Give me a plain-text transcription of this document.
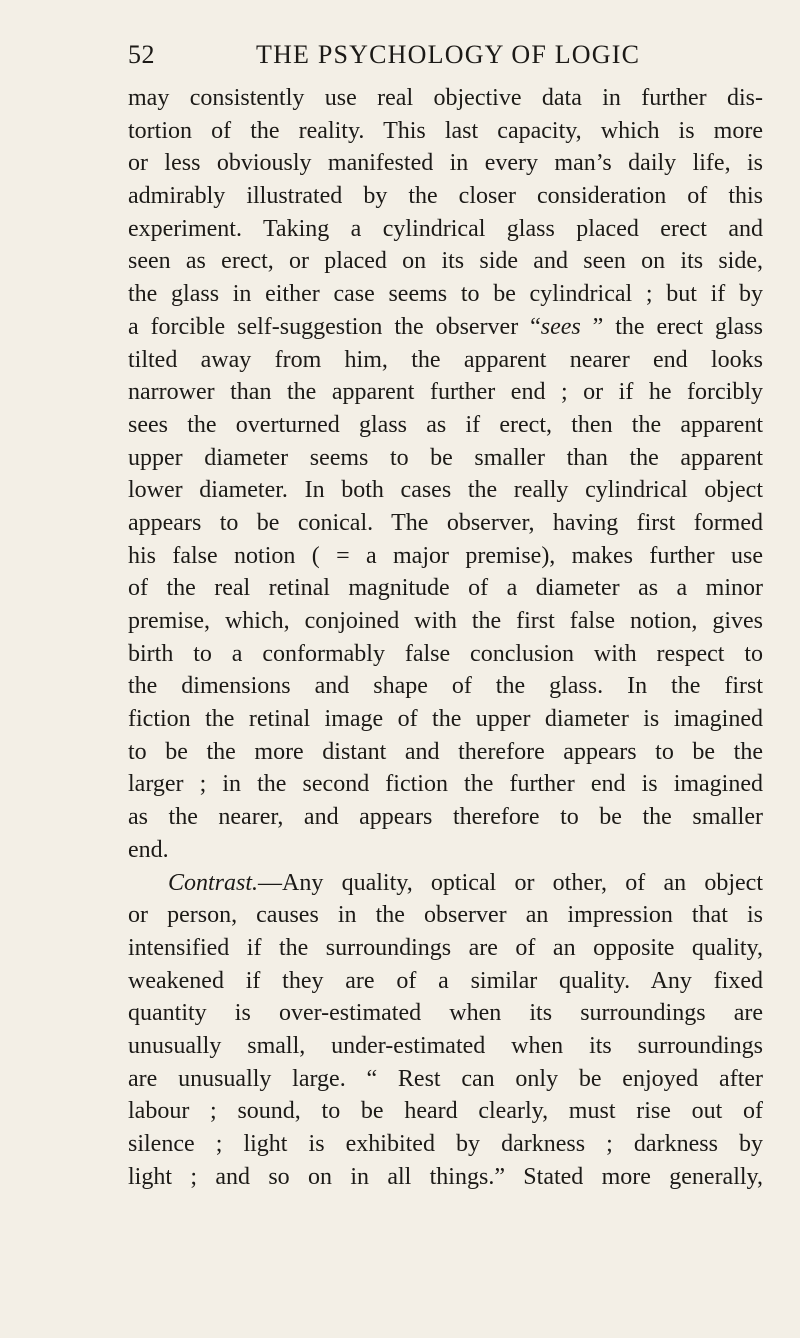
52	THE PSYCHOLOGY OF LOGIC
may consistently use real objective data in further dis-
tortion of the reality. This last capacity, which is more
or less obviously manifested in every man’s daily life, is
admirably illustrated by the closer consideration of this
experiment. Taking a cylindrical glass placed erect and
seen as erect, or placed on its side and seen on its side,
the glass in either case seems to be cylindrical ; but if by
a forcible self-suggestion the observer “sees ” the erect glass
tilted away from him, the apparent nearer end looks
narrower than the apparent further end ; or if he forcibly
sees the overturned glass as if erect, then the apparent
upper diameter seems to be smaller than the apparent
lower diameter. In both cases the really cylindrical object
appears to be conical. The observer, having first formed
his false notion ( = a major premise), makes further use
of the real retinal magnitude of a diameter as a minor
premise, which, conjoined with the first false notion, gives
birth to a conformably false conclusion with respect to
the dimensions and shape of the glass. In the first
fiction the retinal image of the upper diameter is imagined
to be the more distant and therefore appears to be the
larger ; in the second fiction the further end is imagined
as the nearer, and appears therefore to be the smaller
end.
Contrast.—Any quality, optical or other, of an object
or person, causes in the observer an impression that is
intensified if the surroundings are of an opposite quality,
weakened if they are of a similar quality. Any fixed
quantity is over-estimated when its surroundings are
unusually small, under-estimated when its surroundings
are unusually large. “ Rest can only be enjoyed after
labour ; sound, to be heard clearly, must rise out of
silence ; light is exhibited by darkness ; darkness by
light ; and so on in all things.” Stated more generally,
